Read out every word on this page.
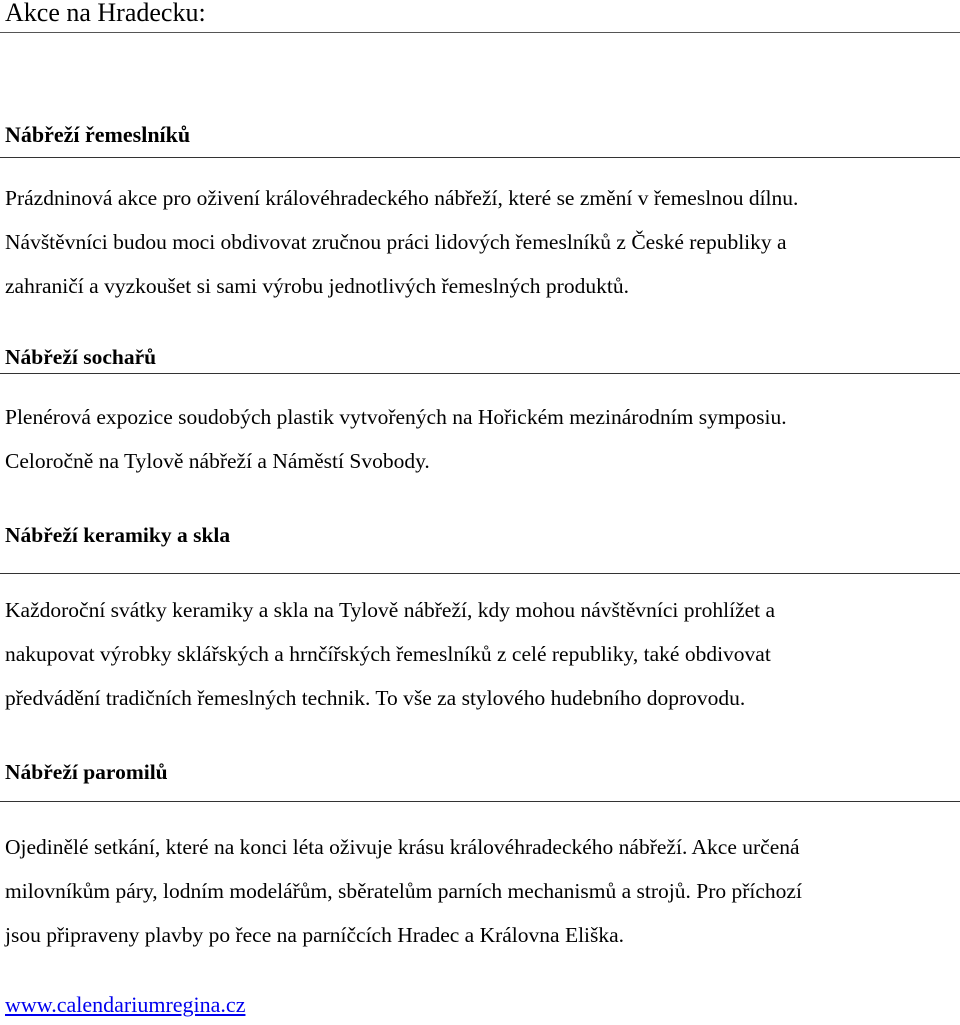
Akce na Hradecku:
Nábřeží řemeslníků

Prázdninová akce pro oživení královéhradeckého nábřeží, které se změní v řemeslnou dílnu.
Návštěvníci budou moci obdivovat zručnou práci lidových řemeslníků z České republiky a
zahraničí a vyzkoušet si sami výrobu jednotlivých řemeslných produktů.

Nábřeží sochařů

Plenérová expozice soudobých plastik vytvořených na Hořickém mezinárodním symposiu.
Celoročně na Tylově nábřeží a Náměstí Svobody.

Nábřeží keramiky a skla

Každoroční svátky keramiky a skla na Tylově nábřeží, kdy mohou návštěvníci prohlížet a
nakupovat výrobky sklářských a hrnčířských řemeslníků z celé republiky, také obdivovat
předvádění tradičních řemeslných technik. To vše za stylového hudebního doprovodu.

Nábřeží paromilů

Ojedinělé setkání, které na konci léta oživuje krásu královéhradeckého nábřeží. Akce určená
milovníkům páry, lodním modelářům, sběratelům parních mechanismů a strojů. Pro příchozí
jsou připraveny plavby po řece na parníčcích Hradec a Královna Eliška.

www.calendariumregina.cz
